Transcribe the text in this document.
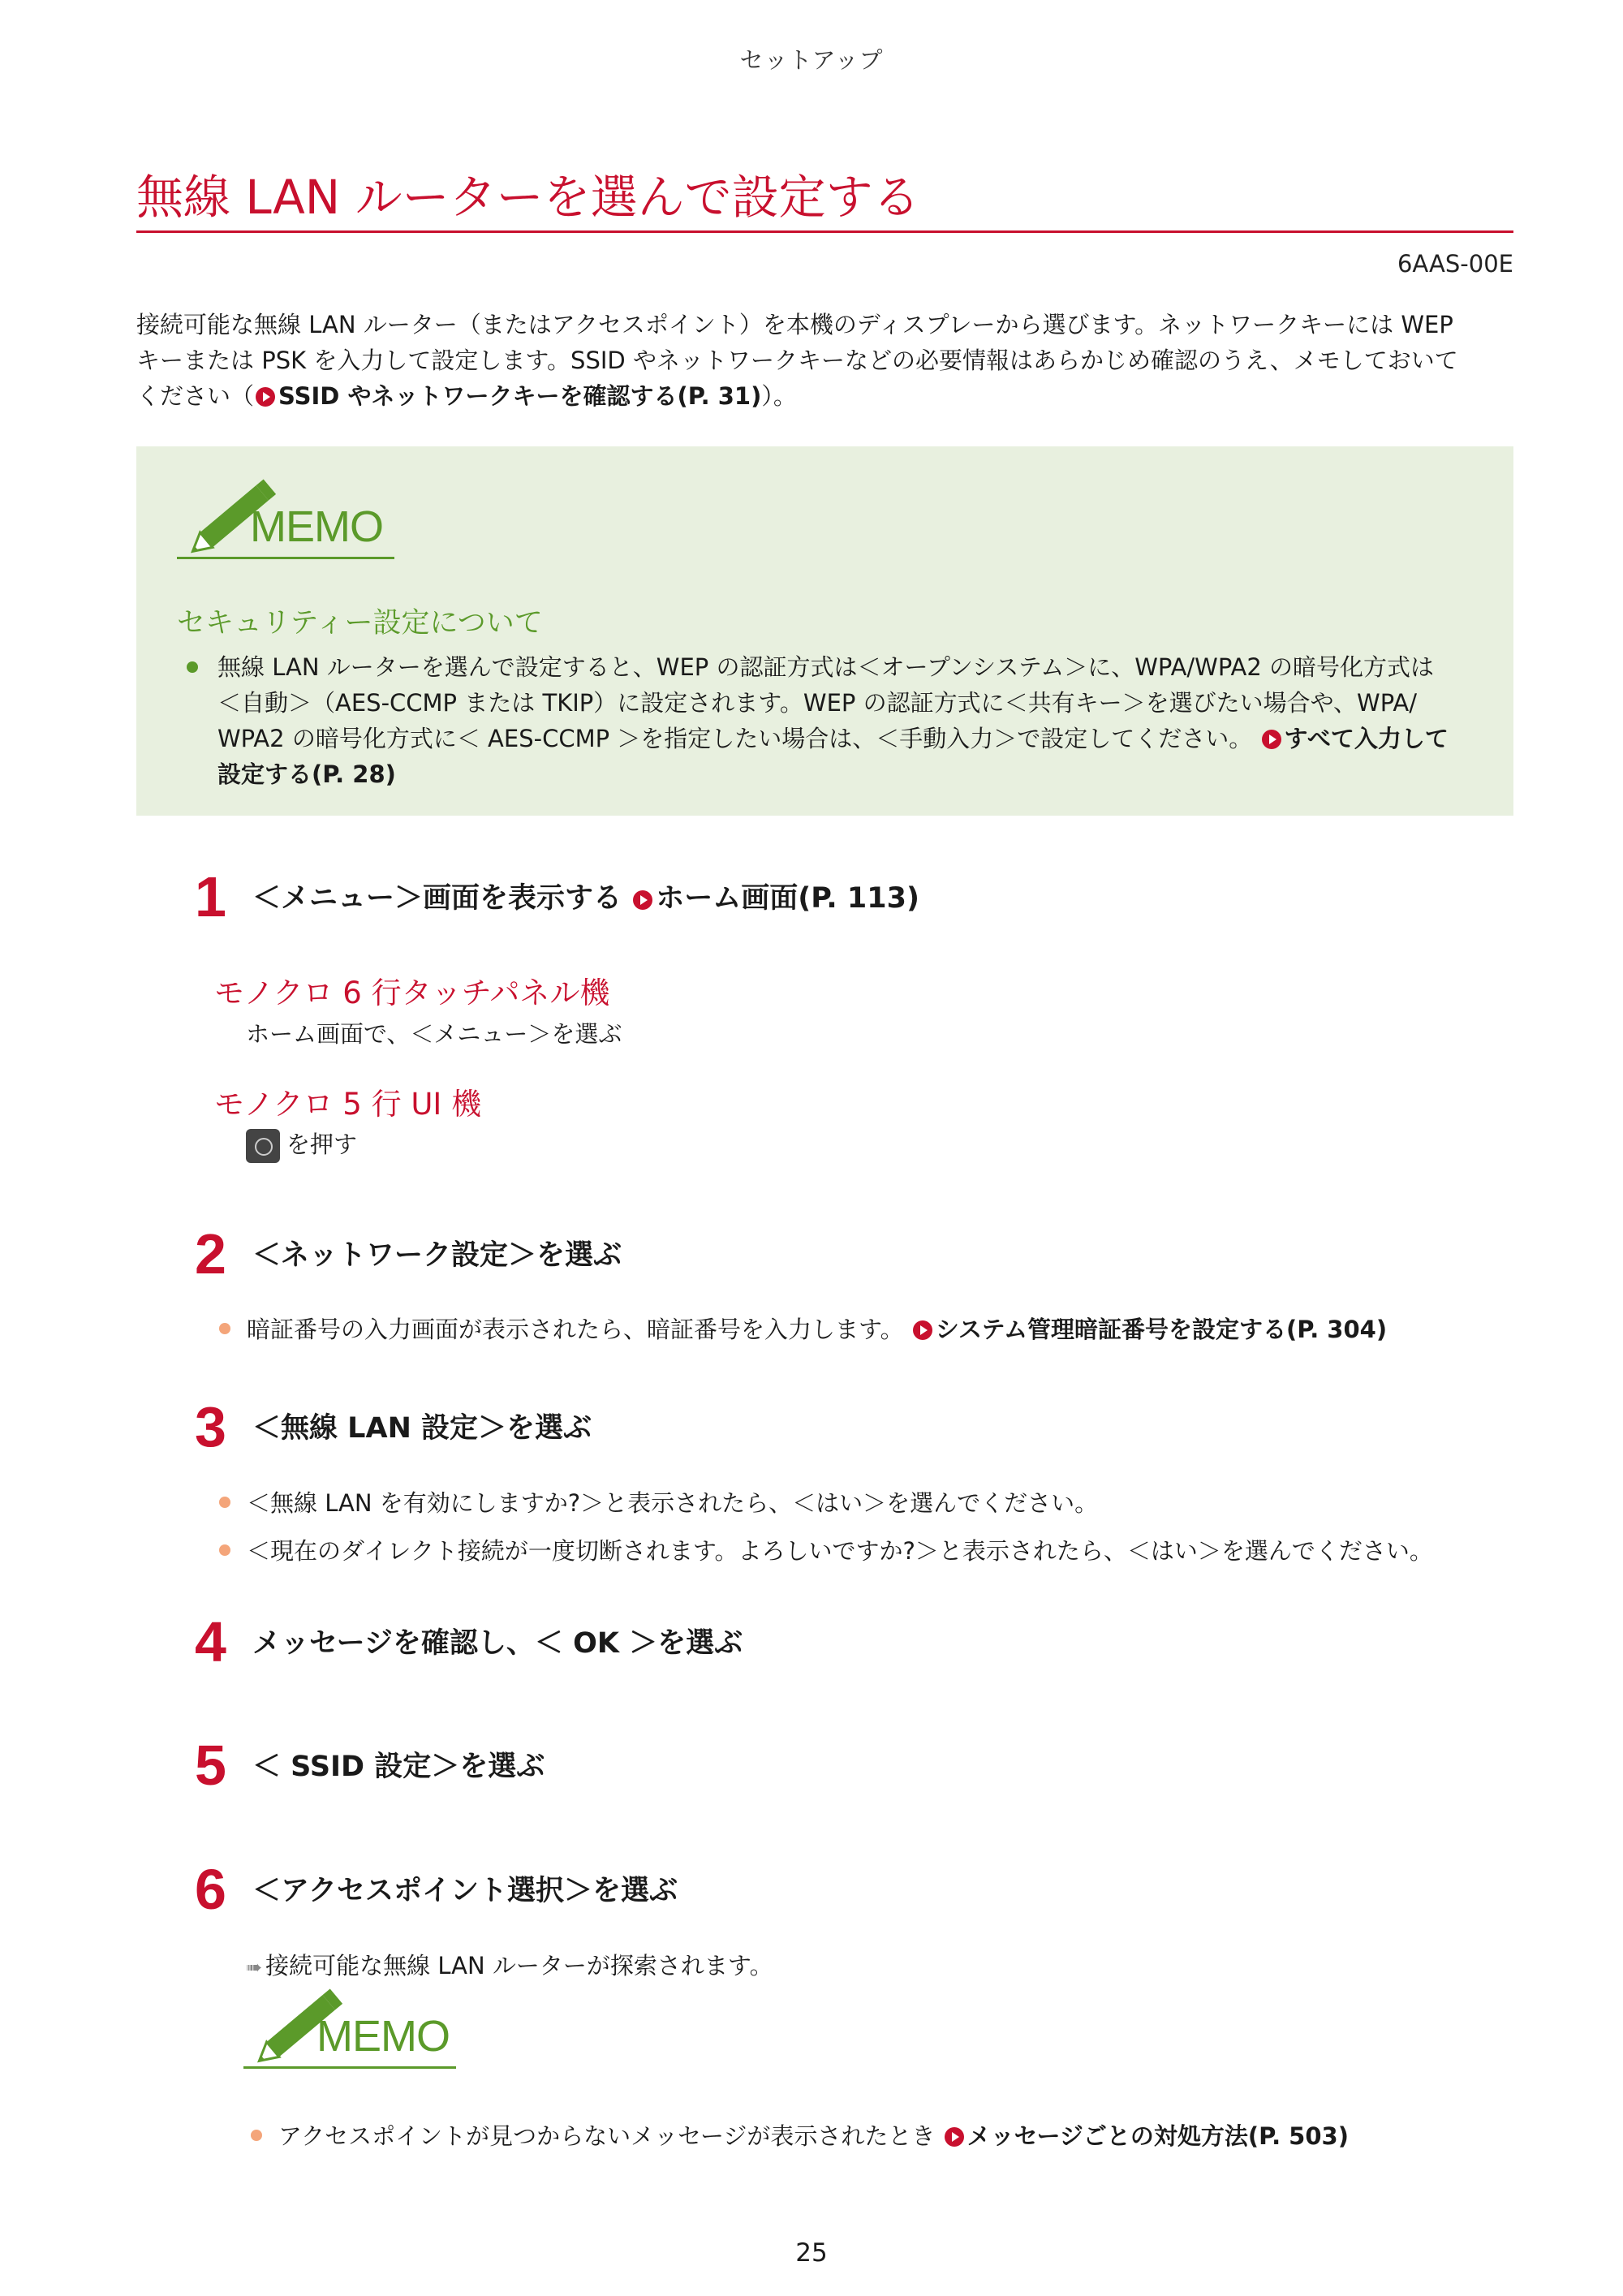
セットアップ
無線 LAN ルーターを選んで設定する
6AAS-00E

接続可能な無線 LAN ルーター（またはアクセスポイント）を本機のディスプレーから選びます。ネットワークキーには WEP

キーまたは PSK を入力して設定します。SSID やネットワークキーなどの必要情報はあらかじめ確認のうえ、メモしておいて

ください（ SSID やネットワークキーを確認する(P. 31)）。

MEMO
セキュリティー設定について

無線 LAN ルーターを選んで設定すると、WEP の認証方式は＜オープンシステム＞に、WPA/WPA2 の暗号化方式は

＜自動＞（AES-CCMP または TKIP）に設定されます。WEP の認証方式に＜共有キー＞を選びたい場合や、WPA/

WPA2 の暗号化方式に＜ AES-CCMP ＞を指定したい場合は、＜手動入力＞で設定してください。 すべて入力して

設定する(P. 28)

1 ＜メニュー＞画面を表示する ホーム画面(P. 113)
モノクロ 6 行タッチパネル機
ホーム画面で、＜メニュー＞を選ぶ
モノクロ 5 行 UI 機
を押す
2 ＜ネットワーク設定＞を選ぶ
暗証番号の入力画面が表示されたら、暗証番号を入力します。 システム管理暗証番号を設定する(P. 304)
3 ＜無線 LAN 設定＞を選ぶ
＜無線 LAN を有効にしますか?＞と表示されたら、＜はい＞を選んでください。
＜現在のダイレクト接続が一度切断されます。よろしいですか?＞と表示されたら、＜はい＞を選んでください。
4 メッセージを確認し、＜ OK ＞を選ぶ
5 ＜ SSID 設定＞を選ぶ
6 ＜アクセスポイント選択＞を選ぶ
➠ 接続可能な無線 LAN ルーターが探索されます。
MEMO
アクセスポイントが見つからないメッセージが表示されたとき メッセージごとの対処方法(P. 503)
25
